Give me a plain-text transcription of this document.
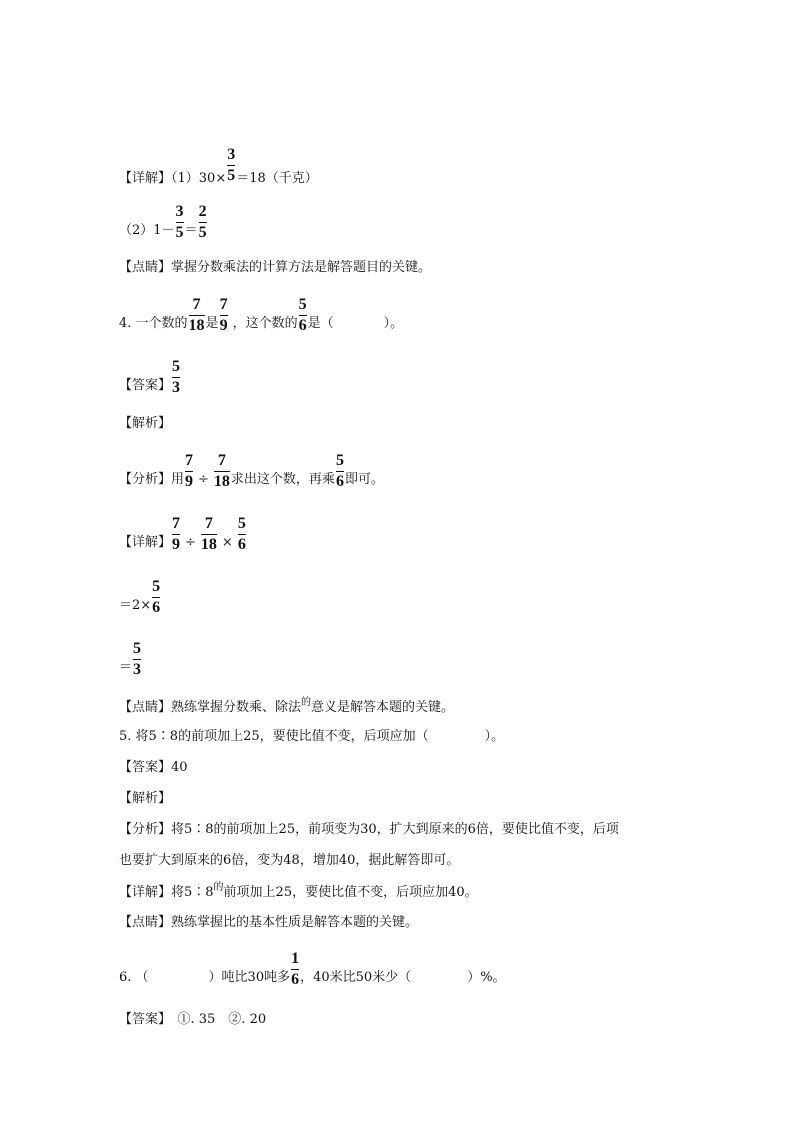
【详解】$(1)30\times \frac{3}{5} =18$（千克）
$(2)1- \frac{3}{5} = \frac{2}{5}$
【点睛】掌握分数乘法的计算方法是解答题目的关键。
4. 一个数的 $\frac{7}{18}$ 是 $\frac{7}{9}$ ，这个数的 $\frac{5}{6}$ 是（	）。
【答案】 $\frac{5}{3}$
【解析】
【分析】用 $\frac{7}{9} \div \frac{7}{18}$ 求出这个数，再乘 $\frac{5}{6}$ 即可。
【详解】 $\frac{7}{9} \div \frac{7}{18} \times \frac{5}{6}$
$=2\times \frac{5}{6}$
＝ $\frac{5}{3}$
【点睛】熟练掌握分数乘、除法$^的$意义是解答本题的关键。
5. 将5∶8的前项加上25，要使比值不变，后项应加（	）。
【答案】40
【解析】
【分析】将5∶8的前项加上25，前项变为30，扩大到原来的6倍，要使比值不变，后项
也要扩大到原来的6倍，变为48，增加40，据此解答即可。
【详解】将$5∶8^的$前项加上25，要使比值不变，后项应加40。
【点睛】熟练掌握比的基本性质是解答本题的关键。
6. （	）吨比30吨多 $\frac{1}{6}$ ，40米比50米少（	）%。
【答案】　①. 35　②. 20
